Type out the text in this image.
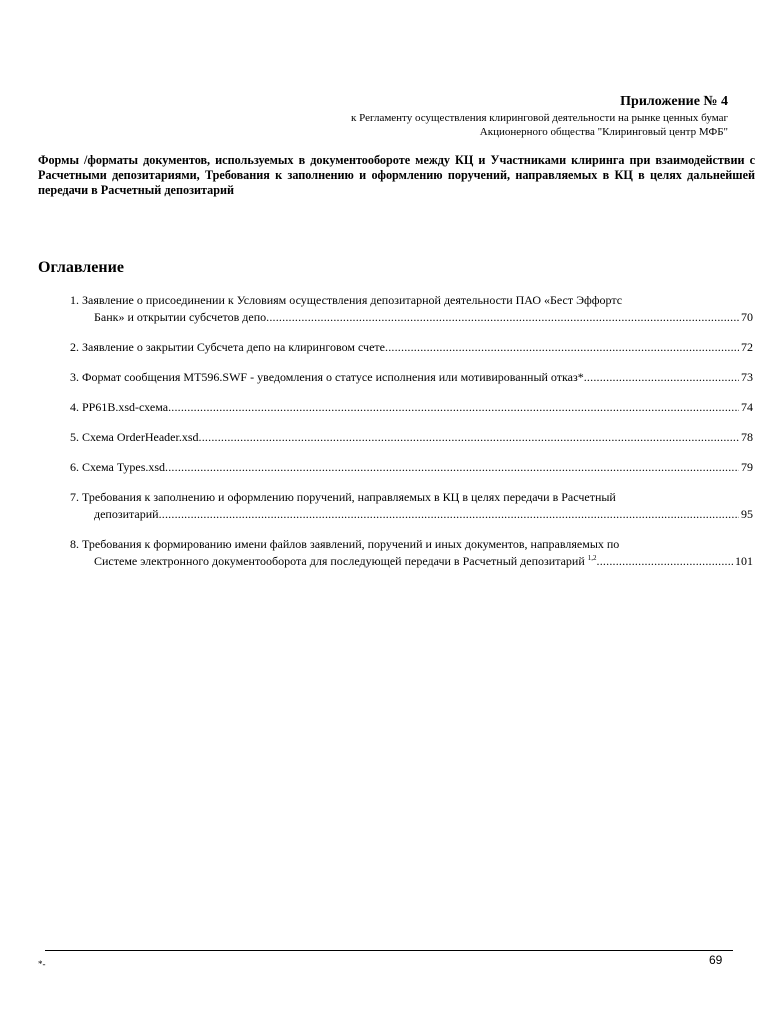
Приложение № 4
к Регламенту осуществления клиринговой деятельности на рынке ценных бумаг
Акционерного общества "Клиринговый центр МФБ"
Формы /форматы документов, используемых в документообороте между КЦ и Участниками клиринга при взаимодействии с Расчетными депозитариями, Требования к заполнению и оформлению поручений, направляемых в КЦ в целях дальнейшей передачи в Расчетный депозитарий
Оглавление
1. Заявление о присоединении к Условиям осуществления депозитарной деятельности ПАО «Бест Эффортс
Банк» и открытии субсчетов депо .....	70
2. Заявление о закрытии Субсчета депо на клиринговом счете .....	72
3. Формат сообщения MT596.SWF - уведомления о статусе исполнения или мотивированный отказ* .....	73
4. PP61B.xsd-схема .....	74
5. Схема OrderHeader.xsd .....	78
6. Схема Types.xsd .....	79
7. Требования к заполнению и оформлению поручений, направляемых в КЦ в целях передачи в Расчетный
депозитарий .....	95
8. Требования к формированию имени файлов заявлений, поручений и иных документов, направляемых по
Системе электронного документооборота для последующей передачи в Расчетный депозитарий $^{1,2}$ .....	101
*-	69
